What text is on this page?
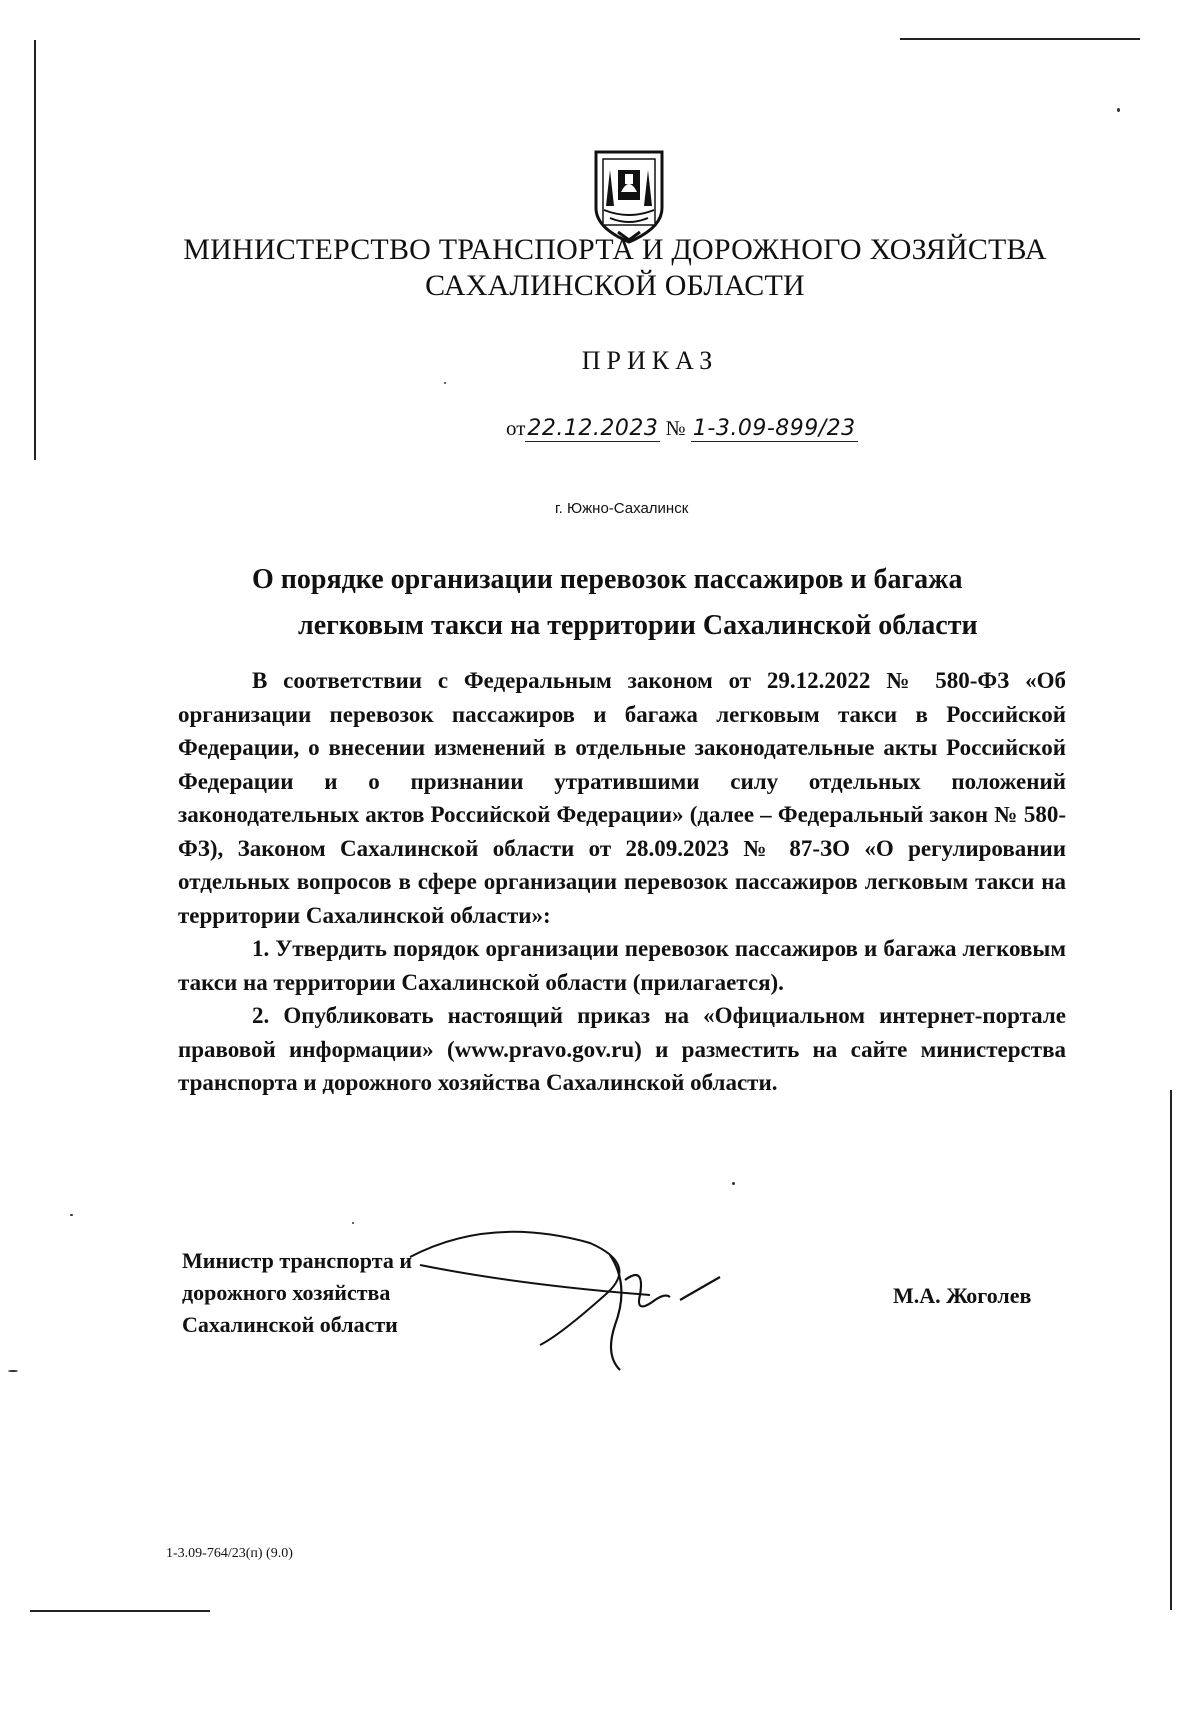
МИНИСТЕРСТВО ТРАНСПОРТА И ДОРОЖНОГО ХОЗЯЙСТВА
САХАЛИНСКОЙ ОБЛАСТИ
ПРИКАЗ
от22.12.2023 № 1-3.09-899/23
г. Южно-Сахалинск
О порядке организации перевозок пассажиров и багажа
легковым такси на территории Сахалинской области

В соответствии с Федеральным законом от 29.12.2022 № 580-ФЗ «Об организации перевозок пассажиров и багажа легковым такси в Российской Федерации, о внесении изменений в отдельные законодательные акты Российской Федерации и о признании утратившими силу отдельных положений законодательных актов Российской Федерации» (далее – Федеральный закон № 580-ФЗ), Законом Сахалинской области от 28.09.2023 № 87-ЗО «О регулировании отдельных вопросов в сфере организации перевозок пассажиров легковым такси на территории Сахалинской области»:

1. Утвердить порядок организации перевозок пассажиров и багажа легковым такси на территории Сахалинской области (прилагается).

2. Опубликовать настоящий приказ на «Официальном интернет-портале правовой информации» (www.pravo.gov.ru) и разместить на сайте министерства транспорта и дорожного хозяйства Сахалинской области.

Министр транспорта и
дорожного хозяйства
Сахалинской области
М.А. Жоголев
1-3.09-764/23(п) (9.0)
